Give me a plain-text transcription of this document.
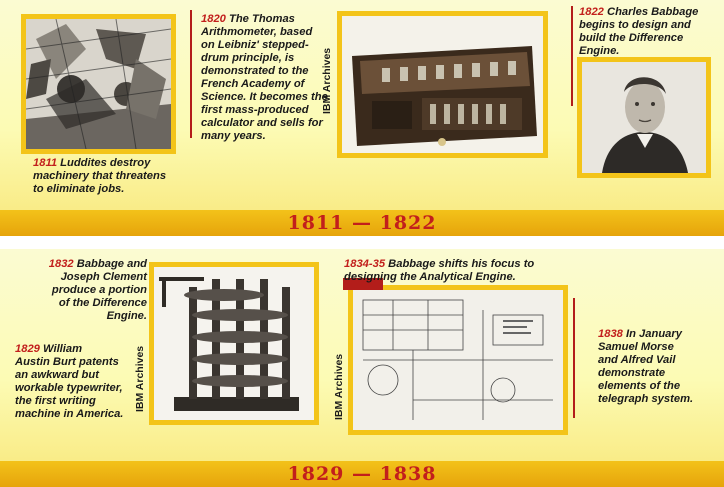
1811 Luddites destroy
machinery that threatens
to eliminate jobs.
1820 The Thomas
Arithmometer, based
on Leibniz' stepped-
drum principle, is
demonstrated to the
French Academy of
Science. It becomes the
first mass-produced
calculator and sells for
many years.
1822 Charles Babbage
begins to design and
build the Difference
Engine.
IBM Archives
1811 — 1822
1832 Babbage and
Joseph Clement
produce a portion
of the Difference
Engine.
1829 William
Austin Burt patents
an awkward but
workable typewriter,
the first writing
machine in America.
1834-35 Babbage shifts his focus to
designing the Analytical Engine.
1838 In January
Samuel Morse
and Alfred Vail
demonstrate
elements of the
telegraph system.
IBM Archives	IBM Archives
1829 — 1838
